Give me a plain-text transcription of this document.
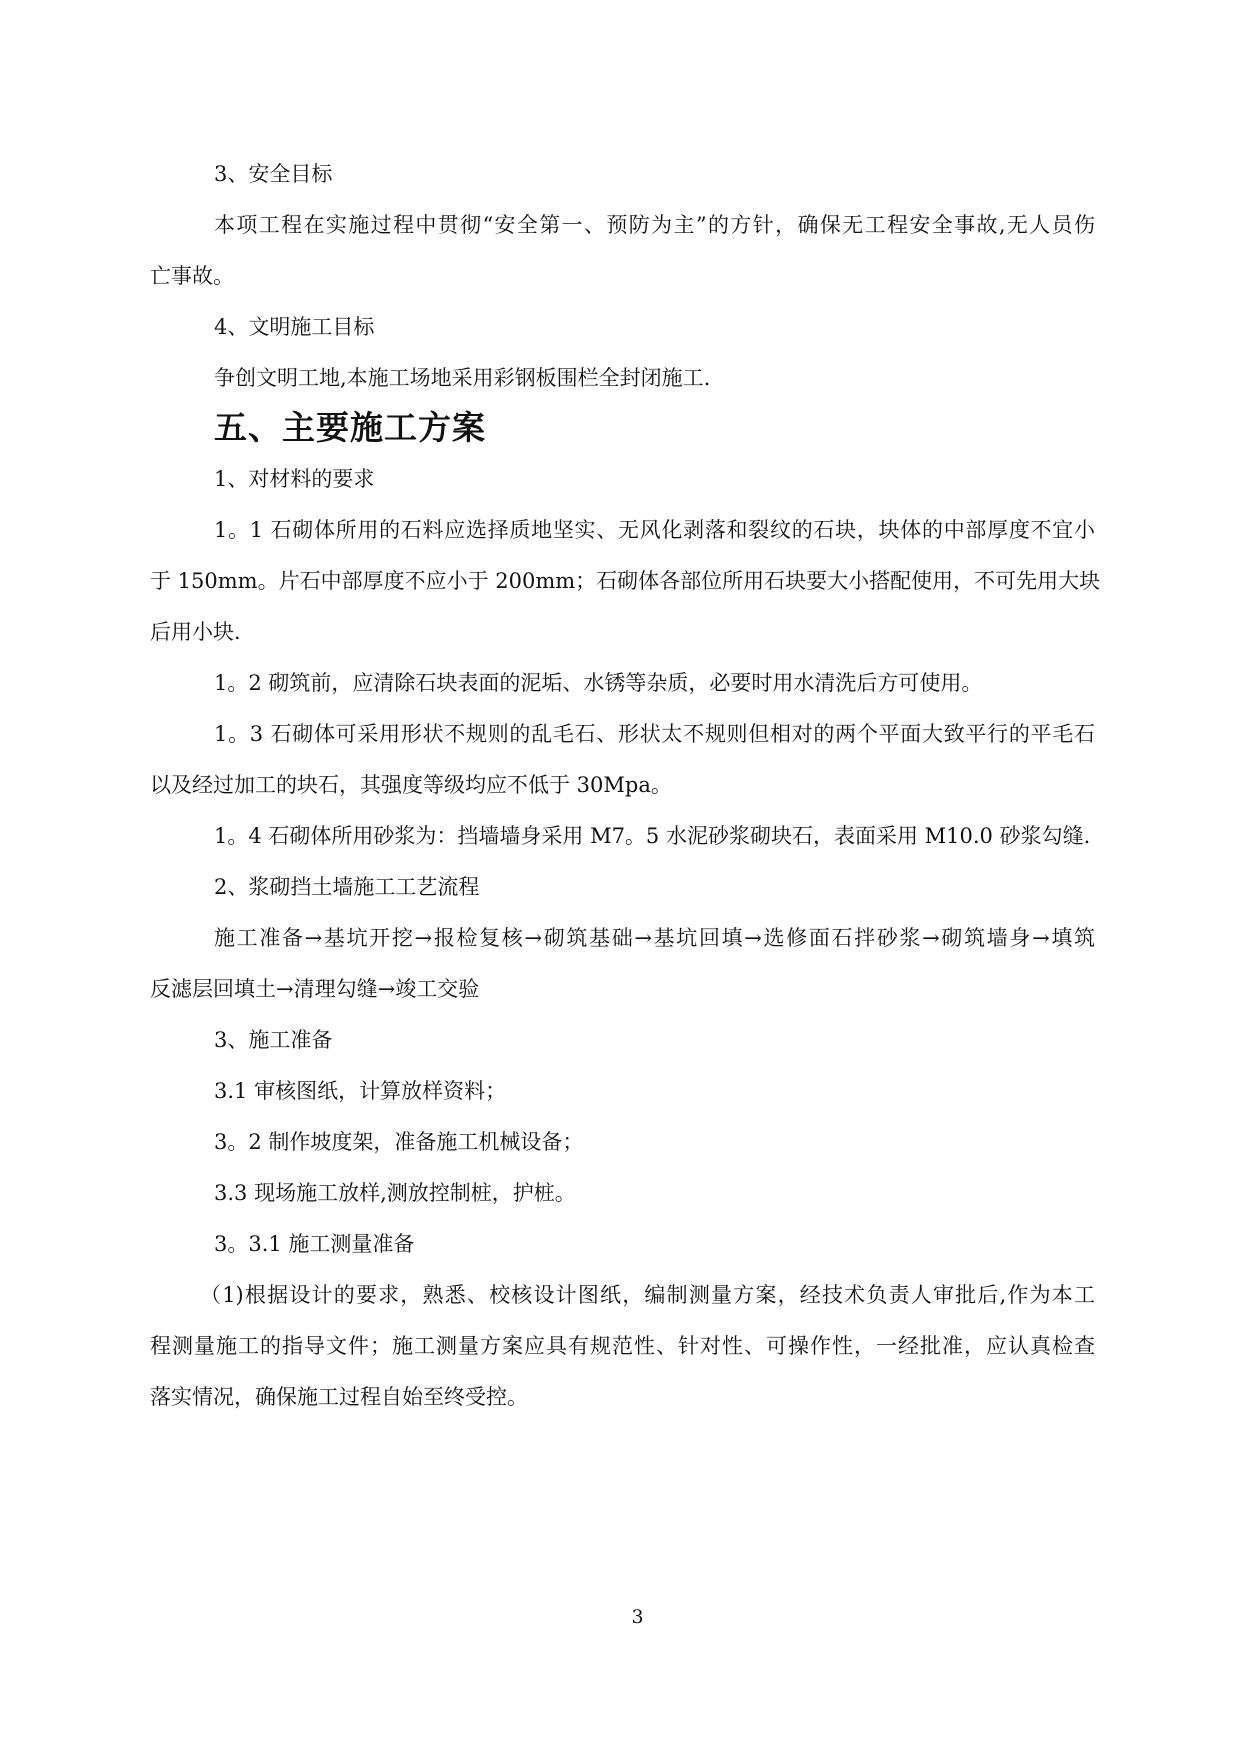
3、安全目标
本项工程在实施过程中贯彻“安全第一、预防为主”的方针，确保无工程安全事故,无人员伤
亡事故。
4、文明施工目标
争创文明工地,本施工场地采用彩钢板围栏全封闭施工.
五、主要施工方案
1、对材料的要求
1。1 石砌体所用的石料应选择质地坚实、无风化剥落和裂纹的石块，块体的中部厚度不宜小
于 150mm。片石中部厚度不应小于 200mm；石砌体各部位所用石块要大小搭配使用，不可先用大块
后用小块.
1。2 砌筑前，应清除石块表面的泥垢、水锈等杂质，必要时用水清洗后方可使用。
1。3 石砌体可采用形状不规则的乱毛石、形状太不规则但相对的两个平面大致平行的平毛石
以及经过加工的块石，其强度等级均应不低于 30Mpa。
1。4 石砌体所用砂浆为：挡墙墙身采用 M7。5 水泥砂浆砌块石，表面采用 M10.0 砂浆勾缝.
2、浆砌挡土墙施工工艺流程
施工准备→基坑开挖→报检复核→砌筑基础→基坑回填→选修面石拌砂浆→砌筑墙身→填筑
反滤层回填土→清理勾缝→竣工交验
3、施工准备
3.1 审核图纸，计算放样资料；
3。2 制作坡度架，准备施工机械设备；
3.3 现场施工放样,测放控制桩，护桩。
3。3.1 施工测量准备
（1)根据设计的要求，熟悉、校核设计图纸，编制测量方案，经技术负责人审批后,作为本工
程测量施工的指导文件；施工测量方案应具有规范性、针对性、可操作性，一经批准，应认真检查
落实情况，确保施工过程自始至终受控。
3
